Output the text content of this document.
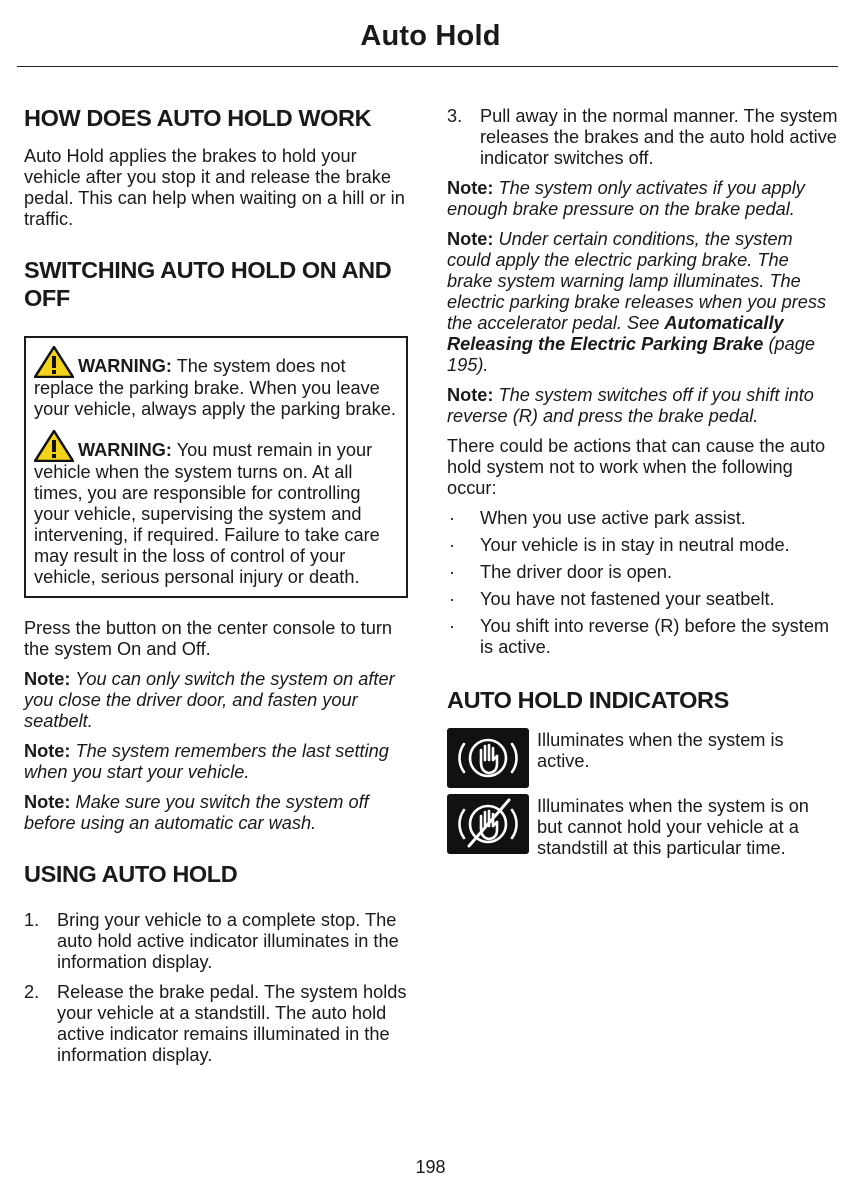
Auto Hold
HOW DOES AUTO HOLD WORK

Auto Hold applies the brakes to hold your vehicle after you stop it and release the brake pedal. This can help when waiting on a hill or in traffic.

SWITCHING AUTO HOLD ON AND OFF
WARNING: The system does not replace the parking brake. When you leave your vehicle, always apply the parking brake.
WARNING: You must remain in your vehicle when the system turns on. At all times, you are responsible for controlling your vehicle, supervising the system and intervening, if required. Failure to take care may result in the loss of control of your vehicle, serious personal injury or death.

Press the button on the center console to turn the system On and Off.

Note: You can only switch the system on after you close the driver door, and fasten your seatbelt.

Note: The system remembers the last setting when you start your vehicle.

Note: Make sure you switch the system off before using an automatic car wash.

USING AUTO HOLD
1. Bring your vehicle to a complete stop. The auto hold active indicator illuminates in the information display.
2. Release the brake pedal. The system holds your vehicle at a standstill. The auto hold active indicator remains illuminated in the information display.
3. Pull away in the normal manner. The system releases the brakes and the auto hold active indicator switches off.

Note: The system only activates if you apply enough brake pressure on the brake pedal.

Note: Under certain conditions, the system could apply the electric parking brake. The brake system warning lamp illuminates. The electric parking brake releases when you press the accelerator pedal. See Automatically Releasing the Electric Parking Brake (page 195).

Note: The system switches off if you shift into reverse (R) and press the brake pedal.

There could be actions that can cause the auto hold system not to work when the following occur:

· When you use active park assist.
· Your vehicle is in stay in neutral mode.
· The driver door is open.
· You have not fastened your seatbelt.
· You shift into reverse (R) before the system is active.
AUTO HOLD INDICATORS

Illuminates when the system is active.

Illuminates when the system is on but cannot hold your vehicle at a standstill at this particular time.

198
